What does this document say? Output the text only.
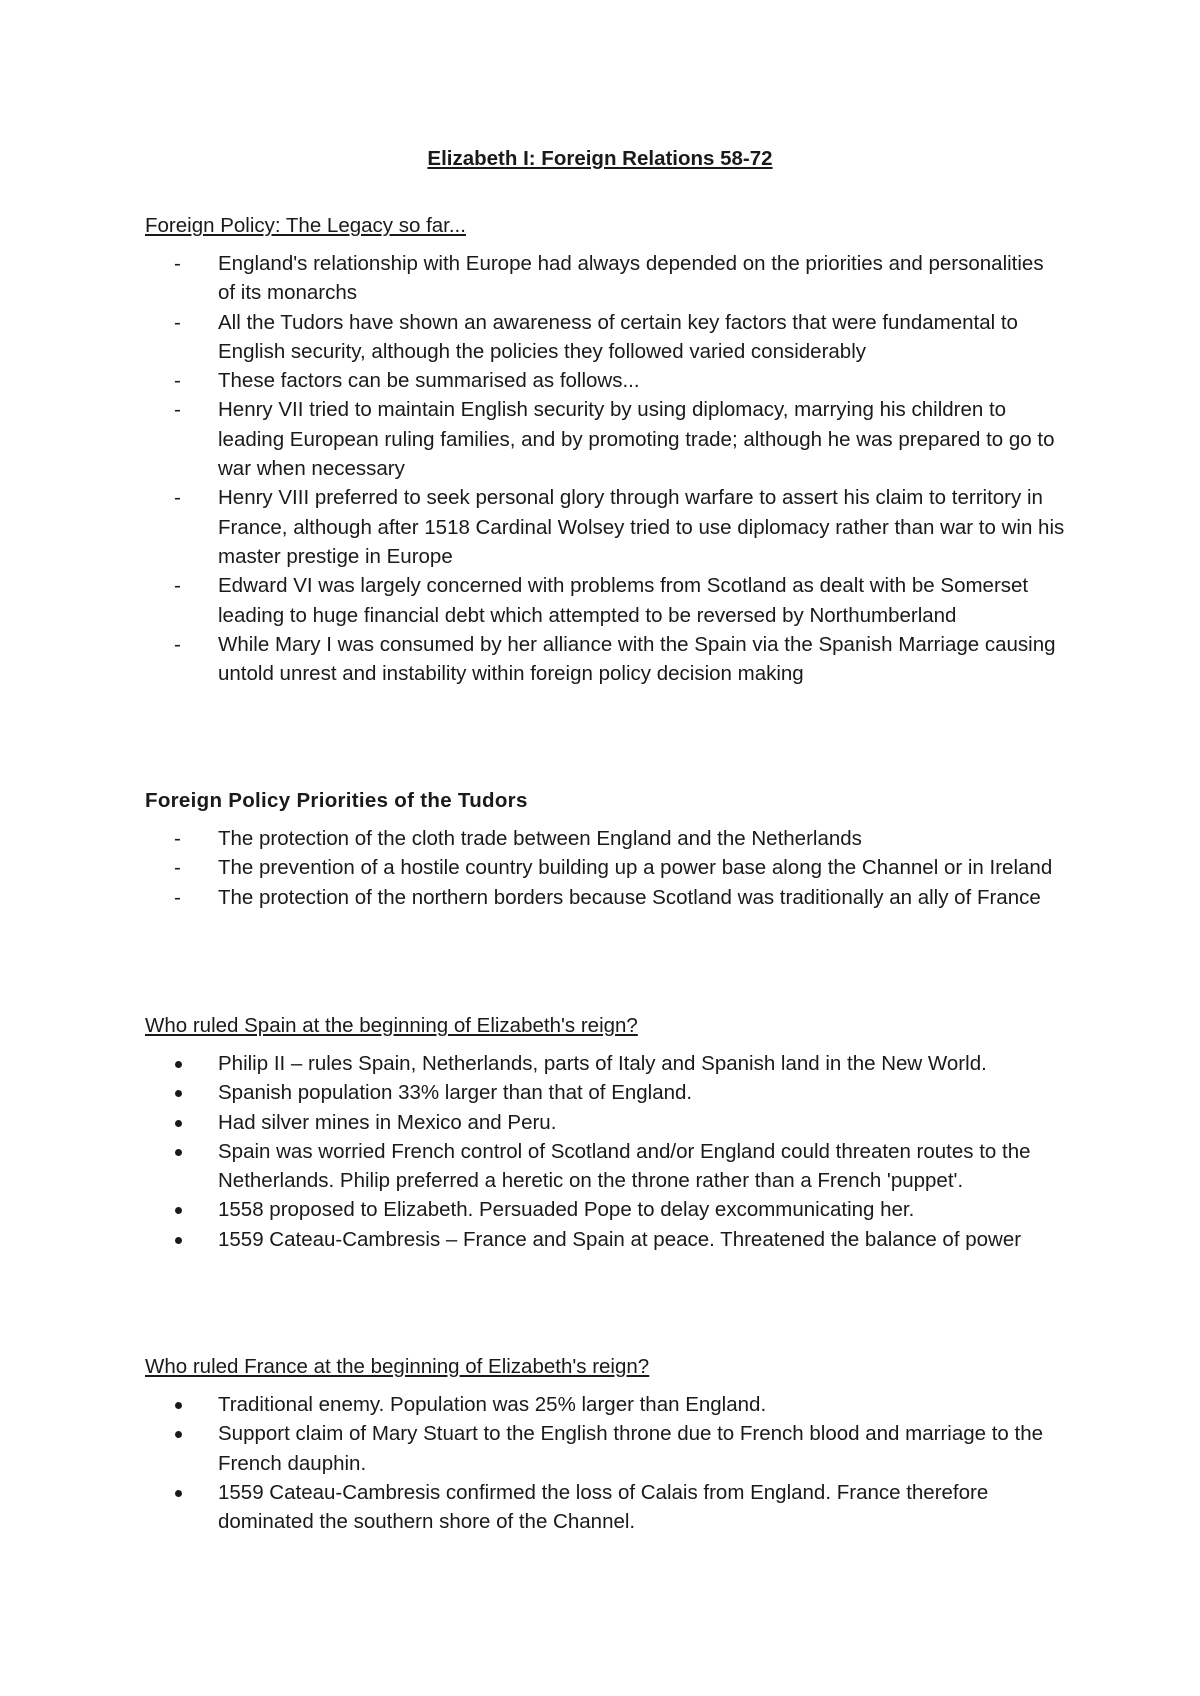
Elizabeth I: Foreign Relations 58-72
Foreign Policy: The Legacy so far...
-
England's relationship with Europe had always depended on the priorities and personalities of its monarchs
-
All the Tudors have shown an awareness of certain key factors that were fundamental to English security, although the policies they followed varied considerably
-
These factors can be summarised as follows...
-
Henry VII tried to maintain English security by using diplomacy, marrying his children to leading European ruling families, and by promoting trade; although he was prepared to go to war when necessary
-
Henry VIII preferred to seek personal glory through warfare to assert his claim to territory in France, although after 1518 Cardinal Wolsey tried to use diplomacy rather than war to win his master prestige in Europe
-
Edward VI was largely concerned with problems from Scotland as dealt with be Somerset leading to huge financial debt which attempted to be reversed by Northumberland
-
While Mary I was consumed by her alliance with the Spain via the Spanish Marriage causing untold unrest and instability within foreign policy decision making
Foreign Policy Priorities of the Tudors
-
The protection of the cloth trade between England and the Netherlands
-
The prevention of a hostile country building up a power base along the Channel or in Ireland
-
The protection of the northern borders because Scotland was traditionally an ally of France
Who ruled Spain at the beginning of Elizabeth's reign?
Philip II – rules Spain, Netherlands, parts of Italy and Spanish land in the New World.
Spanish population 33% larger than that of England.
Had silver mines in Mexico and Peru.
Spain was worried French control of Scotland and/or England could threaten routes to the Netherlands. Philip preferred a heretic on the throne rather than a French 'puppet'.
1558 proposed to Elizabeth. Persuaded Pope to delay excommunicating her.
1559 Cateau-Cambresis – France and Spain at peace. Threatened the balance of power
Who ruled France at the beginning of Elizabeth's reign?
Traditional enemy. Population was 25% larger than England.
Support claim of Mary Stuart to the English throne due to French blood and marriage to the French dauphin.
1559 Cateau-Cambresis confirmed the loss of Calais from England. France therefore dominated the southern shore of the Channel.
